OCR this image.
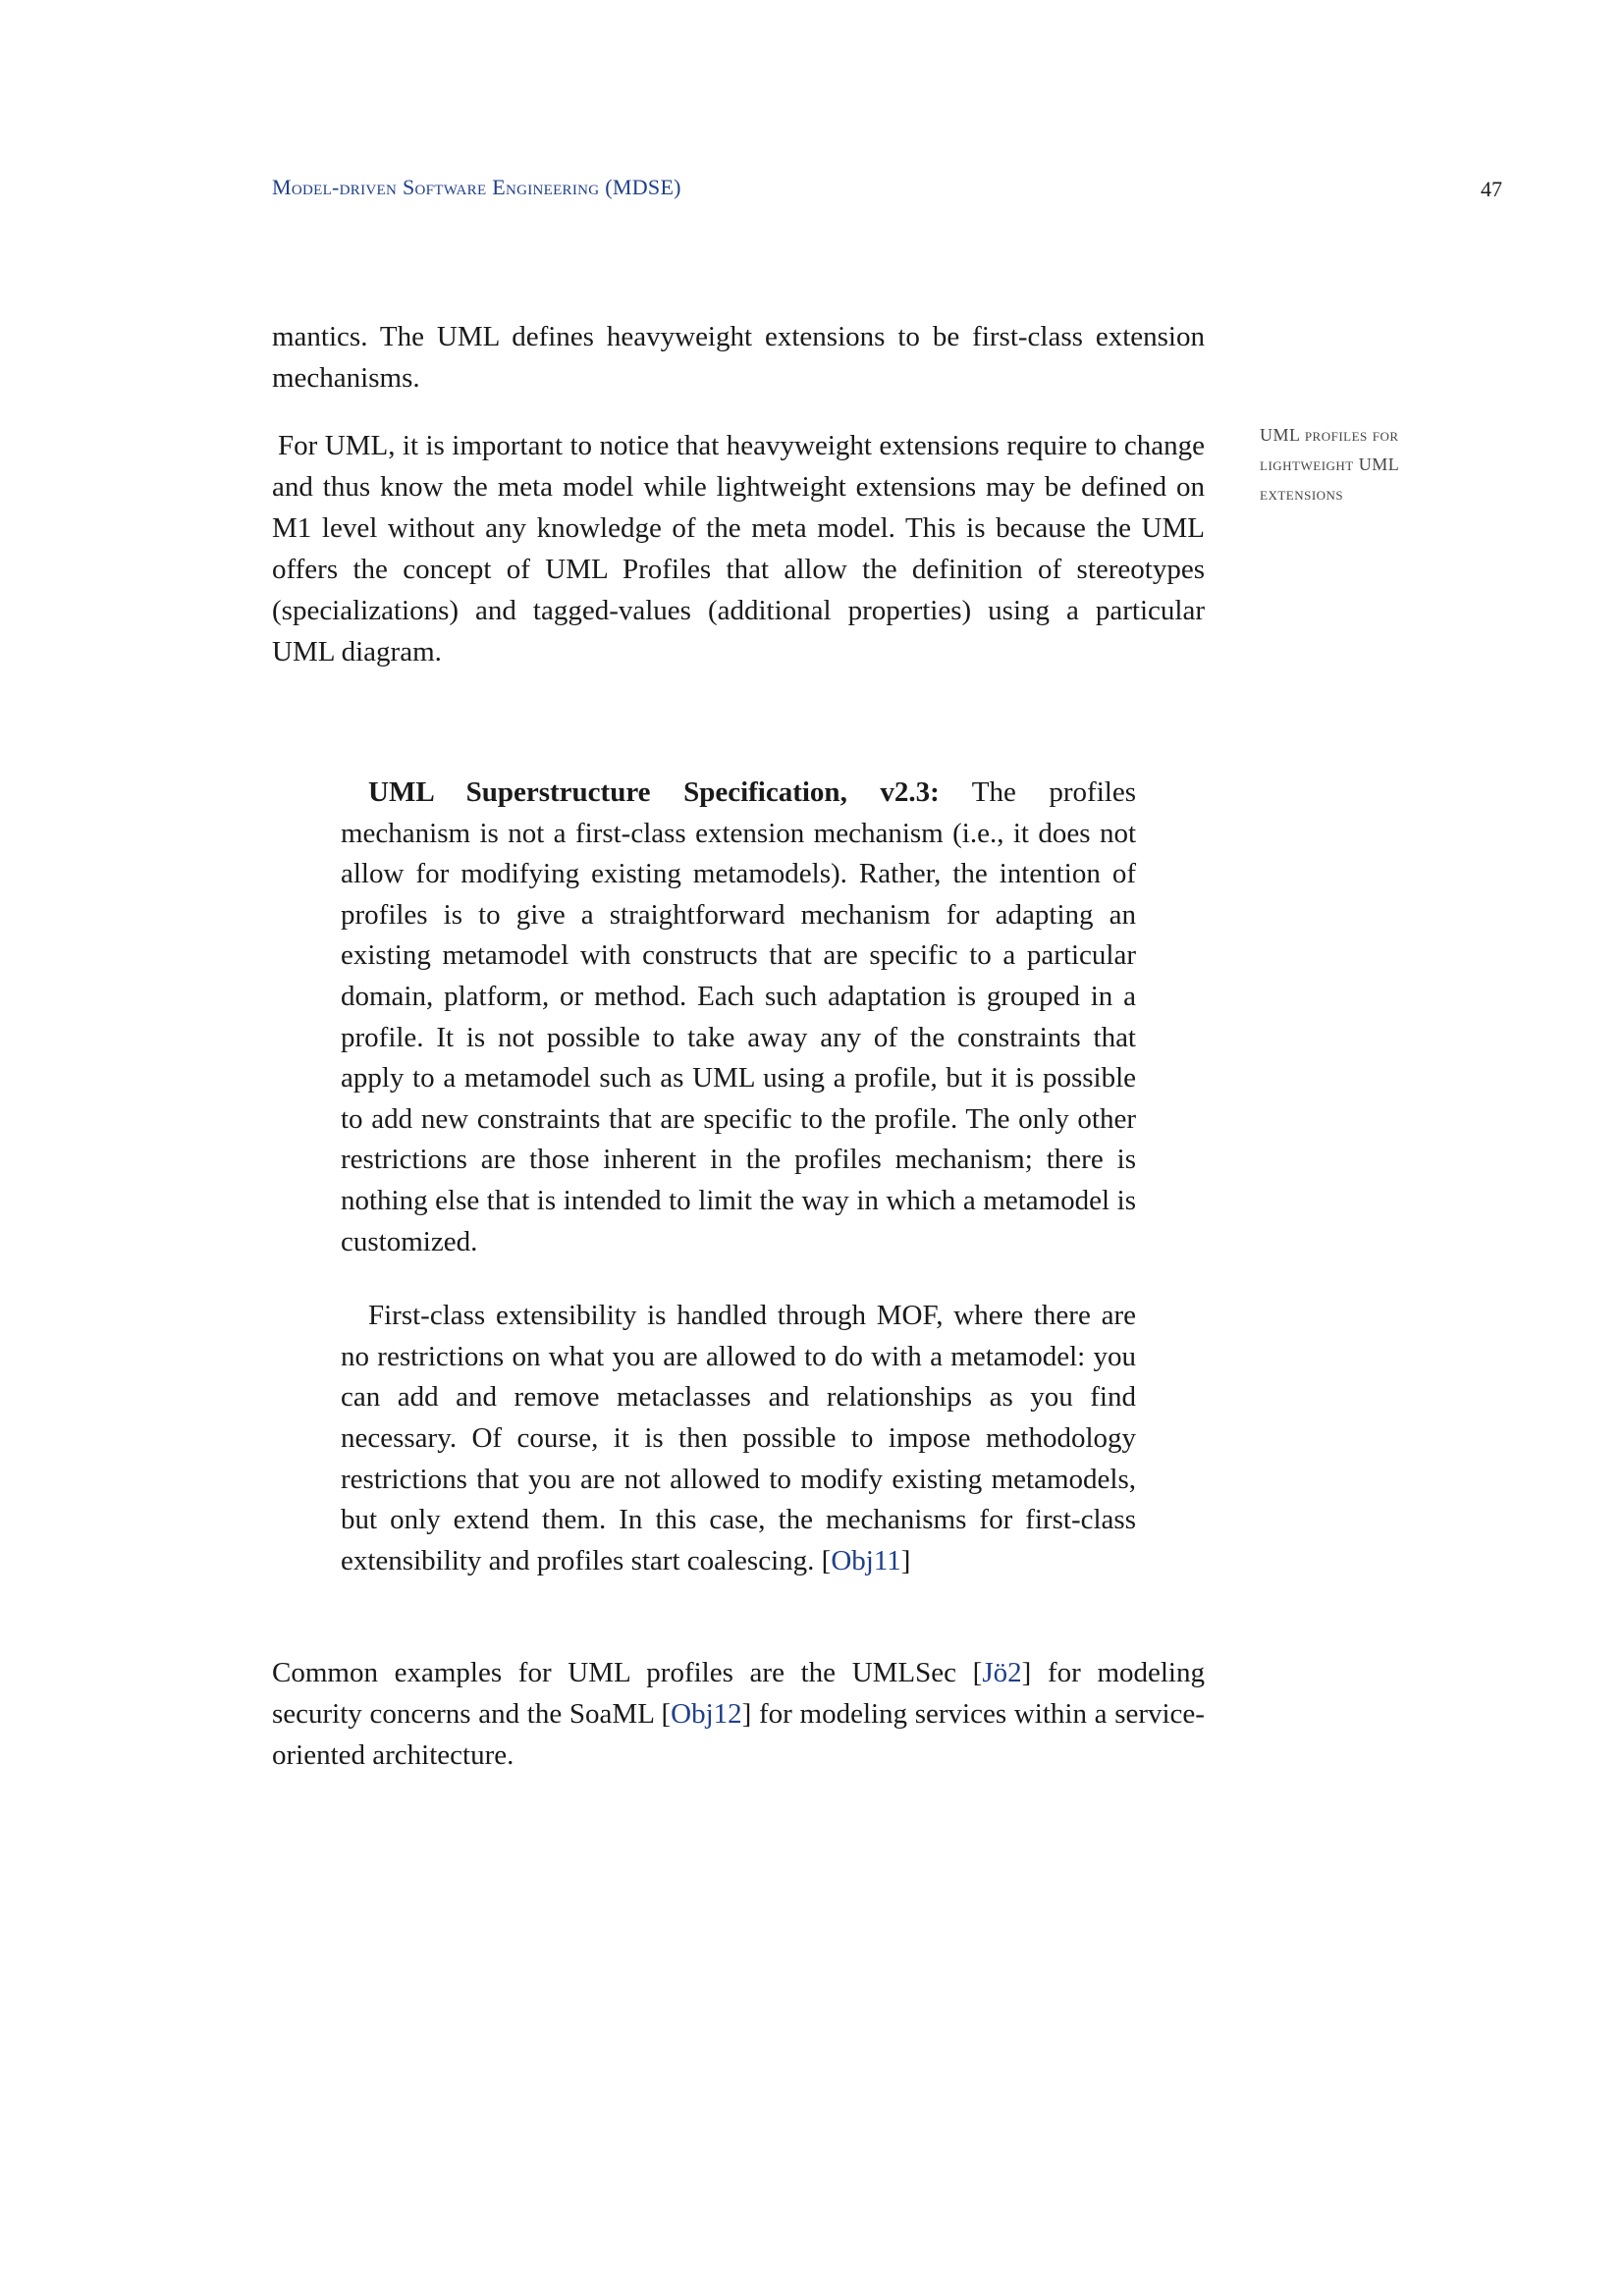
Model-driven Software Engineering (MDSE)	47

mantics. The UML defines heavyweight extensions to be first-class extension mechanisms.

For UML, it is important to notice that heavyweight extensions require to change and thus know the meta model while lightweight extensions may be defined on M1 level without any knowledge of the meta model. This is because the UML offers the concept of UML Profiles that allow the definition of stereotypes (specializations) and tagged-values (additional properties) using a particular UML diagram.

UML profiles for lightweight UML extensions

UML Superstructure Specification, v2.3: The profiles mechanism is not a first-class extension mechanism (i.e., it does not allow for modifying existing metamodels). Rather, the intention of profiles is to give a straightforward mechanism for adapting an existing metamodel with constructs that are specific to a particular domain, platform, or method. Each such adaptation is grouped in a profile. It is not possible to take away any of the constraints that apply to a metamodel such as UML using a profile, but it is possible to add new constraints that are specific to the profile. The only other restrictions are those inherent in the profiles mechanism; there is nothing else that is intended to limit the way in which a metamodel is customized.

First-class extensibility is handled through MOF, where there are no restrictions on what you are allowed to do with a metamodel: you can add and remove metaclasses and relationships as you find necessary. Of course, it is then possible to impose methodology restrictions that you are not allowed to modify existing metamodels, but only extend them. In this case, the mechanisms for first-class extensibility and profiles start coalescing. [Obj11]

Common examples for UML profiles are the UMLSec [Jö2] for modeling security concerns and the SoaML [Obj12] for modeling services within a service-oriented architecture.
